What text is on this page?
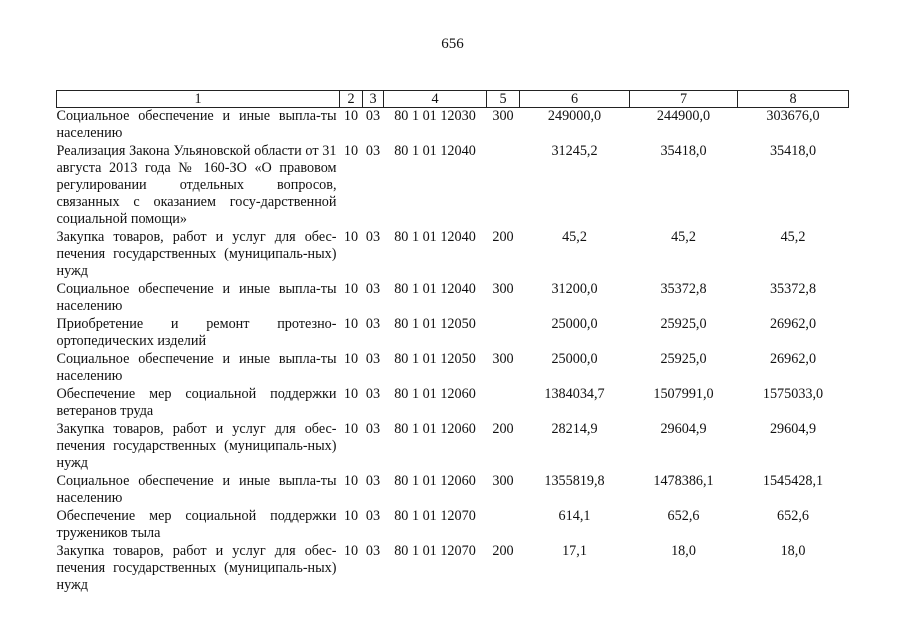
656
1	2	3	4	5	6	7	8
Социальное обеспечение и иные выпла-ты населению	10	03	80 1 01 12030	300	249000,0	244900,0	303676,0
Реализация Закона Ульяновской области от 31 августа 2013 года № 160-ЗО «О правовом регулировании отдельных вопросов, связанных с оказанием госу-дарственной социальной помощи»	10	03	80 1 01 12040		31245,2	35418,0	35418,0
Закупка товаров, работ и услуг для обес-печения государственных (муниципаль-ных) нужд	10	03	80 1 01 12040	200	45,2	45,2	45,2
Социальное обеспечение и иные выпла-ты населению	10	03	80 1 01 12040	300	31200,0	35372,8	35372,8
Приобретение и ремонт протезно-ортопедических изделий	10	03	80 1 01 12050		25000,0	25925,0	26962,0
Социальное обеспечение и иные выпла-ты населению	10	03	80 1 01 12050	300	25000,0	25925,0	26962,0
Обеспечение мер социальной поддержки ветеранов труда	10	03	80 1 01 12060		1384034,7	1507991,0	1575033,0
Закупка товаров, работ и услуг для обес-печения государственных (муниципаль-ных) нужд	10	03	80 1 01 12060	200	28214,9	29604,9	29604,9
Социальное обеспечение и иные выпла-ты населению	10	03	80 1 01 12060	300	1355819,8	1478386,1	1545428,1
Обеспечение мер социальной поддержки тружеников тыла	10	03	80 1 01 12070		614,1	652,6	652,6
Закупка товаров, работ и услуг для обес-печения государственных (муниципаль-ных) нужд	10	03	80 1 01 12070	200	17,1	18,0	18,0
